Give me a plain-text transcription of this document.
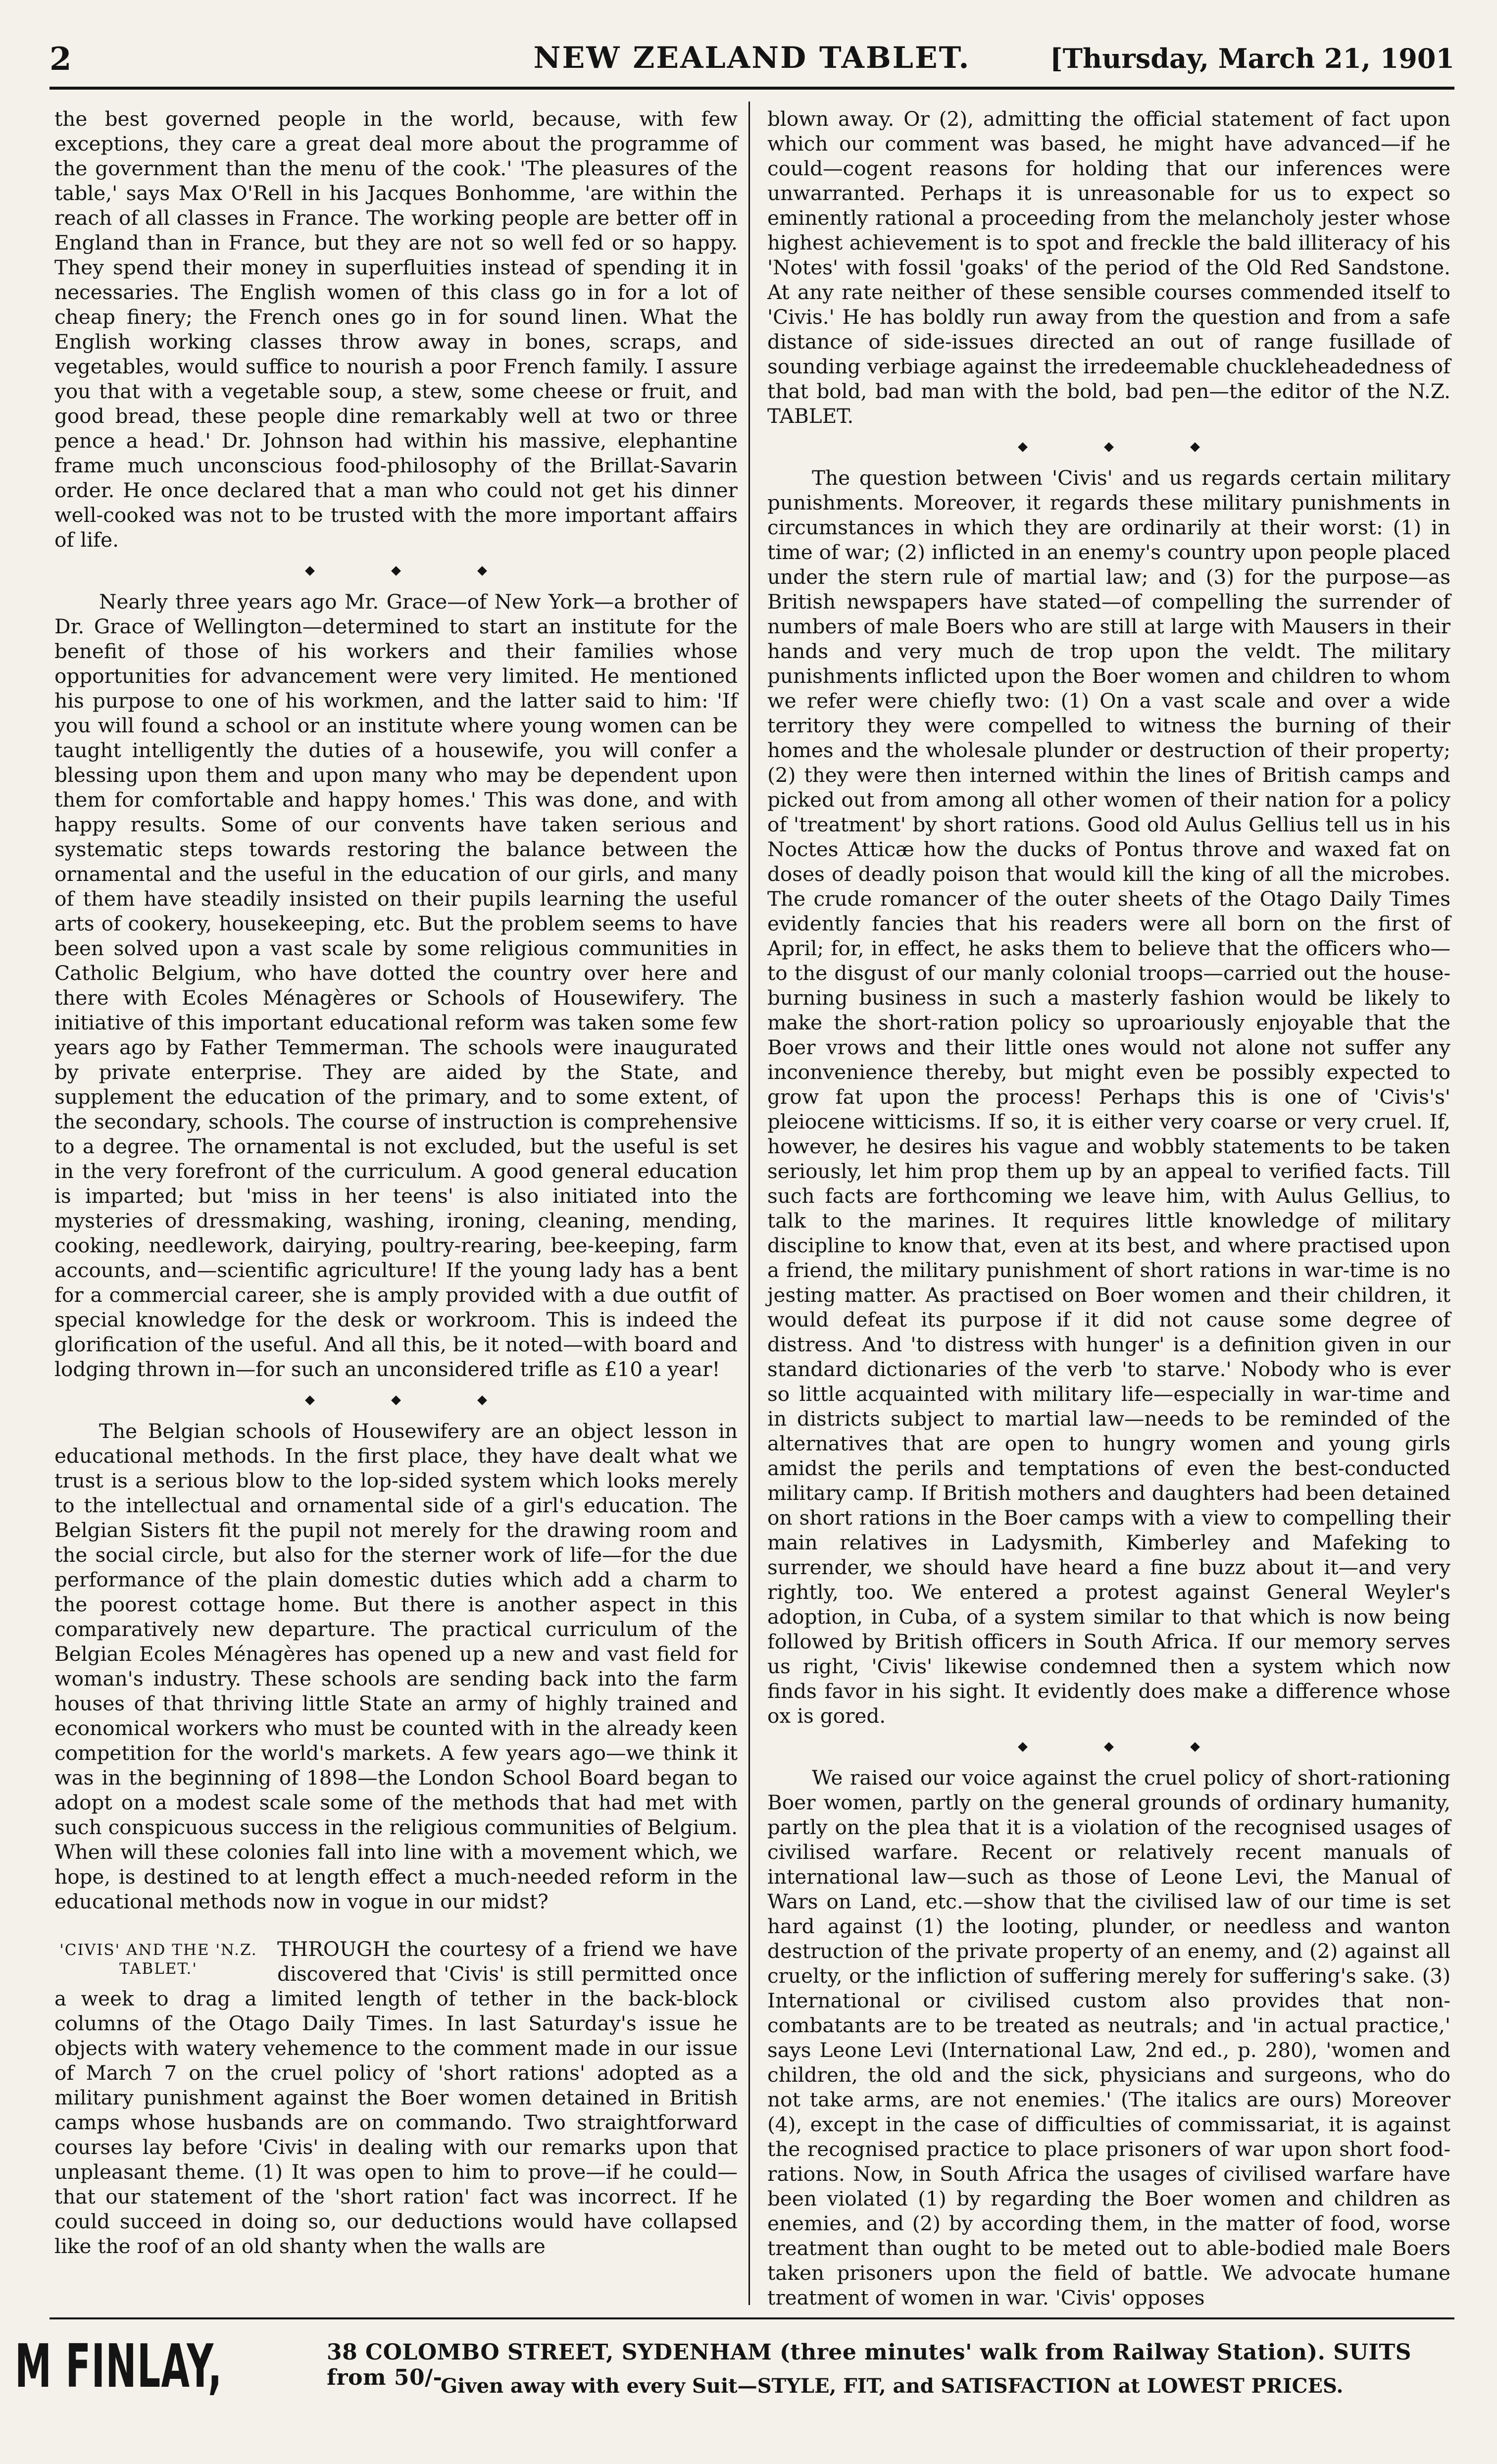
2	NEW ZEALAND TABLET.	[Thursday, March 21, 1901

the best governed people in the world, because, with few exceptions, they care a great deal more about the programme of the government than the menu of the cook.' 'The pleasures of the table,' says Max O'Rell in his Jacques Bonhomme, 'are within the reach of all classes in France. The working people are better off in England than in France, but they are not so well fed or so happy. They spend their money in superfluities instead of spending it in necessaries. The English women of this class go in for a lot of cheap finery; the French ones go in for sound linen. What the English working classes throw away in bones, scraps, and vegetables, would suffice to nourish a poor French family. I assure you that with a vegetable soup, a stew, some cheese or fruit, and good bread, these people dine remarkably well at two or three pence a head.' Dr. Johnson had within his massive, elephantine frame much unconscious food-philosophy of the Brillat-Savarin order. He once declared that a man who could not get his dinner well-cooked was not to be trusted with the more important affairs of life.

Nearly three years ago Mr. Grace—of New York—a brother of Dr. Grace of Wellington—determined to start an institute for the benefit of those of his workers and their families whose opportunities for advancement were very limited. He mentioned his purpose to one of his workmen, and the latter said to him: 'If you will found a school or an institute where young women can be taught intelligently the duties of a housewife, you will confer a blessing upon them and upon many who may be dependent upon them for comfortable and happy homes.' This was done, and with happy results. Some of our convents have taken serious and systematic steps towards restoring the balance between the ornamental and the useful in the education of our girls, and many of them have steadily insisted on their pupils learning the useful arts of cookery, housekeeping, etc. But the problem seems to have been solved upon a vast scale by some religious communities in Catholic Belgium, who have dotted the country over here and there with Ecoles Ménagères or Schools of Housewifery. The initiative of this important educational reform was taken some few years ago by Father Temmerman. The schools were inaugurated by private enterprise. They are aided by the State, and supplement the education of the primary, and to some extent, of the secondary, schools. The course of instruction is comprehensive to a degree. The ornamental is not excluded, but the useful is set in the very forefront of the curriculum. A good general education is imparted; but 'miss in her teens' is also initiated into the mysteries of dressmaking, washing, ironing, cleaning, mending, cooking, needlework, dairying, poultry-rearing, bee-keeping, farm accounts, and—scientific agriculture! If the young lady has a bent for a commercial career, she is amply provided with a due outfit of special knowledge for the desk or workroom. This is indeed the glorification of the useful. And all this, be it noted—with board and lodging thrown in—for such an unconsidered trifle as £10 a year!

The Belgian schools of Housewifery are an object lesson in educational methods. In the first place, they have dealt what we trust is a serious blow to the lop-sided system which looks merely to the intellectual and ornamental side of a girl's education. The Belgian Sisters fit the pupil not merely for the drawing room and the social circle, but also for the sterner work of life—for the due performance of the plain domestic duties which add a charm to the poorest cottage home. But there is another aspect in this comparatively new departure. The practical curriculum of the Belgian Ecoles Ménagères has opened up a new and vast field for woman's industry. These schools are sending back into the farm houses of that thriving little State an army of highly trained and economical workers who must be counted with in the already keen competition for the world's markets. A few years ago—we think it was in the beginning of 1898—the London School Board began to adopt on a modest scale some of the methods that had met with such conspicuous success in the religious communities of Belgium. When will these colonies fall into line with a movement which, we hope, is destined to at length effect a much-needed reform in the educational methods now in vogue in our midst?

'CIVIS' AND THE 'N.Z. TABLET.'

THROUGH the courtesy of a friend we have discovered that 'Civis' is still permitted once a week to drag a limited length of tether in the back-block columns of the Otago Daily Times. In last Saturday's issue he objects with watery vehemence to the comment made in our issue of March 7 on the cruel policy of 'short rations' adopted as a military punishment against the Boer women detained in British camps whose husbands are on commando. Two straightforward courses lay before 'Civis' in dealing with our remarks upon that unpleasant theme. (1) It was open to him to prove—if he could—that our statement of the 'short ration' fact was incorrect. If he could succeed in doing so, our deductions would have collapsed like the roof of an old shanty when the walls are

blown away. Or (2), admitting the official statement of fact upon which our comment was based, he might have advanced—if he could—cogent reasons for holding that our inferences were unwarranted. Perhaps it is unreasonable for us to expect so eminently rational a proceeding from the melancholy jester whose highest achievement is to spot and freckle the bald illiteracy of his 'Notes' with fossil 'goaks' of the period of the Old Red Sandstone. At any rate neither of these sensible courses commended itself to 'Civis.' He has boldly run away from the question and from a safe distance of side-issues directed an out of range fusillade of sounding verbiage against the irredeemable chuckleheadedness of that bold, bad man with the bold, bad pen—the editor of the N.Z. TABLET.

The question between 'Civis' and us regards certain military punishments. Moreover, it regards these military punishments in circumstances in which they are ordinarily at their worst: (1) in time of war; (2) inflicted in an enemy's country upon people placed under the stern rule of martial law; and (3) for the purpose—as British newspapers have stated—of compelling the surrender of numbers of male Boers who are still at large with Mausers in their hands and very much de trop upon the veldt. The military punishments inflicted upon the Boer women and children to whom we refer were chiefly two: (1) On a vast scale and over a wide territory they were compelled to witness the burning of their homes and the wholesale plunder or destruction of their property; (2) they were then interned within the lines of British camps and picked out from among all other women of their nation for a policy of 'treatment' by short rations. Good old Aulus Gellius tell us in his Noctes Atticæ how the ducks of Pontus throve and waxed fat on doses of deadly poison that would kill the king of all the microbes. The crude romancer of the outer sheets of the Otago Daily Times evidently fancies that his readers were all born on the first of April; for, in effect, he asks them to believe that the officers who—to the disgust of our manly colonial troops—carried out the house-burning business in such a masterly fashion would be likely to make the short-ration policy so uproariously enjoyable that the Boer vrows and their little ones would not alone not suffer any inconvenience thereby, but might even be possibly expected to grow fat upon the process! Perhaps this is one of 'Civis's' pleiocene witticisms. If so, it is either very coarse or very cruel. If, however, he desires his vague and wobbly statements to be taken seriously, let him prop them up by an appeal to verified facts. Till such facts are forthcoming we leave him, with Aulus Gellius, to talk to the marines. It requires little knowledge of military discipline to know that, even at its best, and where practised upon a friend, the military punishment of short rations in war-time is no jesting matter. As practised on Boer women and their children, it would defeat its purpose if it did not cause some degree of distress. And 'to distress with hunger' is a definition given in our standard dictionaries of the verb 'to starve.' Nobody who is ever so little acquainted with military life—especially in war-time and in districts subject to martial law—needs to be reminded of the alternatives that are open to hungry women and young girls amidst the perils and temptations of even the best-conducted military camp. If British mothers and daughters had been detained on short rations in the Boer camps with a view to compelling their main relatives in Ladysmith, Kimberley and Mafeking to surrender, we should have heard a fine buzz about it—and very rightly, too. We entered a protest against General Weyler's adoption, in Cuba, of a system similar to that which is now being followed by British officers in South Africa. If our memory serves us right, 'Civis' likewise condemned then a system which now finds favor in his sight. It evidently does make a difference whose ox is gored.

We raised our voice against the cruel policy of short-rationing Boer women, partly on the general grounds of ordinary humanity, partly on the plea that it is a violation of the recognised usages of civilised warfare. Recent or relatively recent manuals of international law—such as those of Leone Levi, the Manual of Wars on Land, etc.—show that the civilised law of our time is set hard against (1) the looting, plunder, or needless and wanton destruction of the private property of an enemy, and (2) against all cruelty, or the infliction of suffering merely for suffering's sake. (3) International or civilised custom also provides that non-combatants are to be treated as neutrals; and 'in actual practice,' says Leone Levi (International Law, 2nd ed., p. 280), 'women and children, the old and the sick, physicians and surgeons, who do not take arms, are not enemies.' (The italics are ours) Moreover (4), except in the case of difficulties of commissariat, it is against the recognised practice to place prisoners of war upon short food-rations. Now, in South Africa the usages of civilised warfare have been violated (1) by regarding the Boer women and children as enemies, and (2) by according them, in the matter of food, worse treatment than ought to be meted out to able-bodied male Boers taken prisoners upon the field of battle. We advocate humane treatment of women in war. 'Civis' opposes

M FINLAY,	38 COLOMBO STREET, SYDENHAM (three minutes' walk from Railway Station). SUITS from 50/-
Given away with every Suit—STYLE, FIT, and SATISFACTION at LOWEST PRICES.
